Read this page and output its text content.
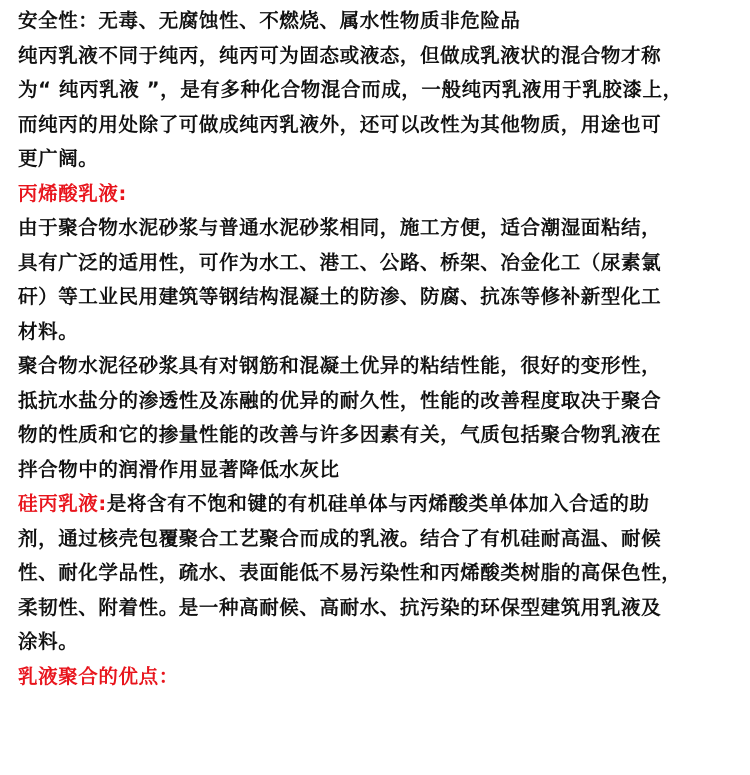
安全性：无毒、无腐蚀性、不燃烧、属水性物质非危险品
纯丙乳液不同于纯丙，纯丙可为固态或液态，但做成乳液状的混合物才称
为“ 纯丙乳液 ”，是有多种化合物混合而成，一般纯丙乳液用于乳胶漆上，
而纯丙的用处除了可做成纯丙乳液外，还可以改性为其他物质，用途也可
更广阔。
丙烯酸乳液:
由于聚合物水泥砂浆与普通水泥砂浆相同，施工方便，适合潮湿面粘结，
具有广泛的适用性，可作为水工、港工、公路、桥架、冶金化工（尿素氯
矸）等工业民用建筑等钢结构混凝土的防渗、防腐、抗冻等修补新型化工
材料。
聚合物水泥径砂浆具有对钢筋和混凝土优异的粘结性能，很好的变形性，
抵抗水盐分的渗透性及冻融的优异的耐久性，性能的改善程度取决于聚合
物的性质和它的掺量性能的改善与许多因素有关，气质包括聚合物乳液在
拌合物中的润滑作用显著降低水灰比
硅丙乳液:是将含有不饱和键的有机硅单体与丙烯酸类单体加入合适的助
剂，通过核壳包覆聚合工艺聚合而成的乳液。结合了有机硅耐高温、耐候
性、耐化学品性，疏水、表面能低不易污染性和丙烯酸类树脂的高保色性，
柔韧性、附着性。是一种高耐候、高耐水、抗污染的环保型建筑用乳液及
涂料。
乳液聚合的优点：
